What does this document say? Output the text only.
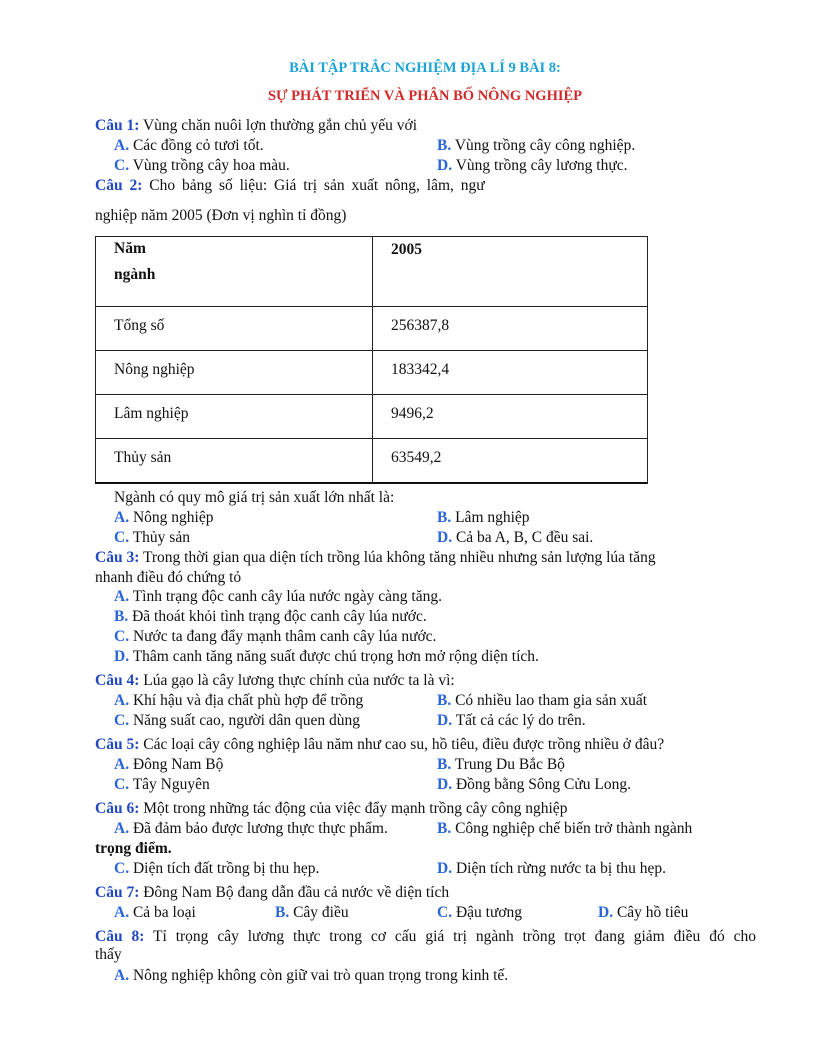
BÀI TẬP TRẮC NGHIỆM ĐỊA LÍ 9 BÀI 8:
SỰ PHÁT TRIỂN VÀ PHÂN BỐ NÔNG NGHIỆP
Câu 1: Vùng chăn nuôi lợn thường gắn chủ yếu với
A. Các đồng cỏ tươi tốt.	B. Vùng trồng cây công nghiệp.
C. Vùng trồng cây hoa màu.	D. Vùng trồng cây lương thực.
Câu 2: Cho bảng số liệu: Giá trị sản xuất nông, lâm, ngư
nghiệp năm 2005 (Đơn vị nghìn tỉ đồng)
Năm
ngành	2005

Tổng số	256387,8

Nông nghiệp	183342,4

Lâm nghiệp	9496,2

Thủy sản	63549,2
Ngành có quy mô giá trị sản xuất lớn nhất là:
A. Nông nghiệp	B. Lâm nghiệp
C. Thủy sản	D. Cả ba A, B, C đều sai.
Câu 3: Trong thời gian qua diện tích trồng lúa không tăng nhiều nhưng sản lượng lúa tăng
nhanh điều đó chứng tỏ
A. Tình trạng độc canh cây lúa nước ngày càng tăng.
B. Đã thoát khỏi tình trạng độc canh cây lúa nước.
C. Nước ta đang đẩy mạnh thâm canh cây lúa nước.
D. Thâm canh tăng năng suất được chú trọng hơn mở rộng diện tích.
Câu 4: Lúa gạo là cây lương thực chính của nước ta là vì:
A. Khí hậu và địa chất phù hợp để trồng	B. Có nhiều lao tham gia sản xuất
C. Năng suất cao, người dân quen dùng	D. Tất cả các lý do trên.
Câu 5: Các loại cây công nghiệp lâu năm như cao su, hồ tiêu, điều được trồng nhiều ở đâu?
A. Đông Nam Bộ	B. Trung Du Bắc Bộ
C. Tây Nguyên	D. Đồng bằng Sông Cửu Long.
Câu 6: Một trong những tác động của việc đẩy mạnh trồng cây công nghiệp
A. Đã đảm bảo được lương thực thực phẩm.	B. Công nghiệp chế biến trở thành ngành
trọng điểm.
C. Diện tích đất trồng bị thu hẹp.	D. Diện tích rừng nước ta bị thu hẹp.
Câu 7: Đông Nam Bộ đang dẫn đầu cả nước về diện tích
A. Cả ba loại	B. Cây điều	C. Đậu tương	D. Cây hồ tiêu
Câu 8: Tỉ trọng cây lương thực trong cơ cấu giá trị ngành trồng trọt đang giảm điều đó cho
thấy
A. Nông nghiệp không còn giữ vai trò quan trọng trong kinh tế.
